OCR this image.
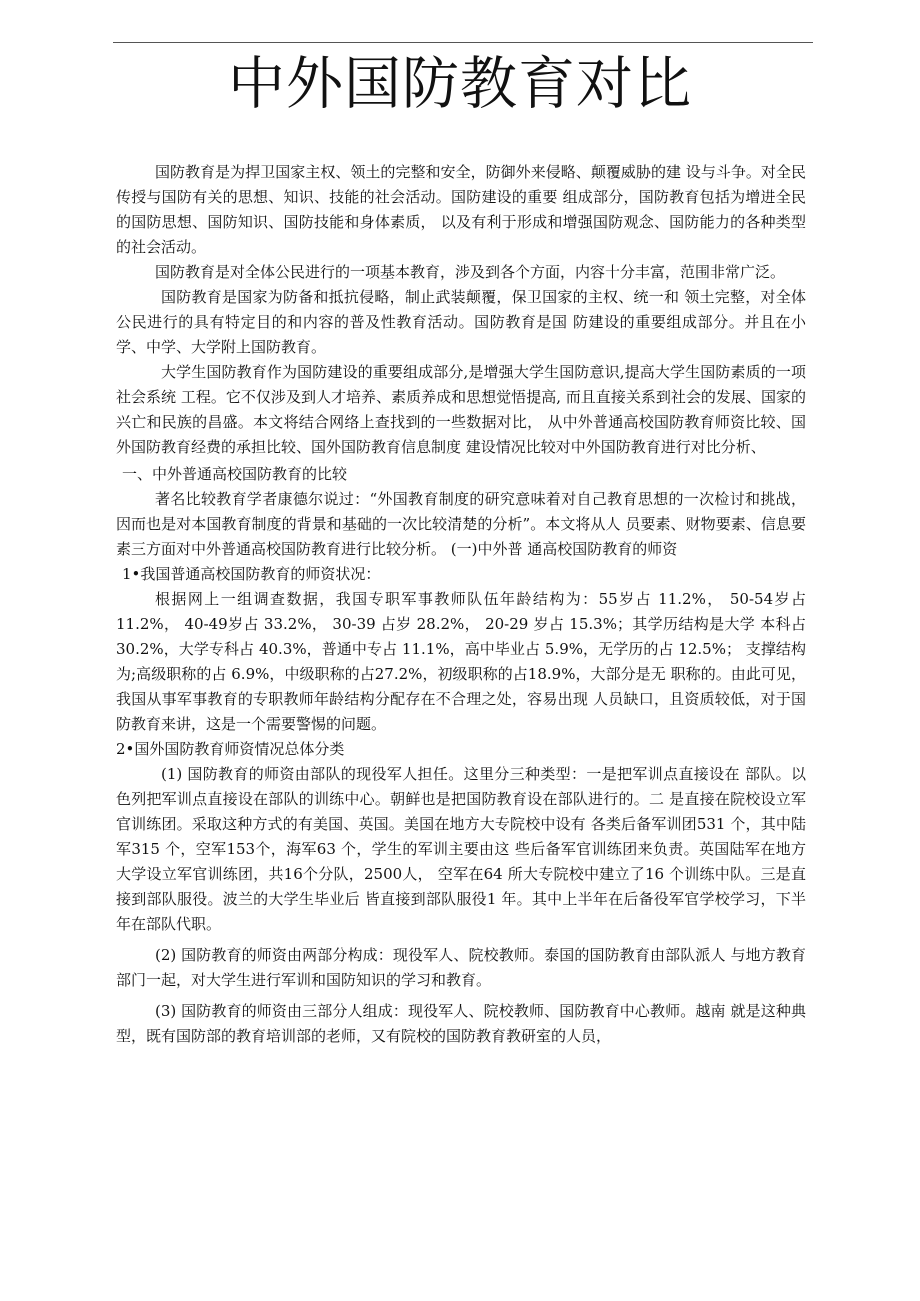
中外国防教育对比

国防教育是为捍卫国家主权、领土的完整和安全，防御外来侵略、颠覆威胁的建 设与斗争。对全民传授与国防有关的思想、知识、技能的社会活动。国防建设的重要 组成部分，国防教育包括为增进全民的国防思想、国防知识、国防技能和身体素质， 以及有利于形成和增强国防观念、国防能力的各种类型的社会活动。

国防教育是对全体公民进行的一项基本教育，涉及到各个方面，内容十分丰富，范围非常广泛。

国防教育是国家为防备和抵抗侵略，制止武装颠覆，保卫国家的主权、统一和 领土完整，对全体公民进行的具有特定目的和内容的普及性教育活动。国防教育是国 防建设的重要组成部分。并且在小学、中学、大学附上国防教育。

大学生国防教育作为国防建设的重要组成部分,是增强大学生国防意识,提高大学生国防素质的一项社会系统 工程。它不仅涉及到人才培养、素质养成和思想觉悟提高, 而且直接关系到社会的发展、国家的兴亡和民族的昌盛。本文将结合网络上查找到的一些数据对比， 从中外普通高校国防教育师资比较、国外国防教育经费的承担比较、国外国防教育信息制度 建设情况比较对中外国防教育进行对比分析、

一、中外普通高校国防教育的比较

著名比较教育学者康德尔说过：“外国教育制度的研究意味着对自己教育思想的一次检讨和挑战，因而也是对本国教育制度的背景和基础的一次比较清楚的分析”。本文将从人 员要素、财物要素、信息要素三方面对中外普通高校国防教育进行比较分析。 (一)中外普 通高校国防教育的师资

1•我国普通高校国防教育的师资状况：

根据网上一组调查数据，我国专职军事教师队伍年龄结构为：55岁占 11.2%， 50-54岁占 11.2%， 40-49岁占 33.2%， 30-39 占岁 28.2%， 20-29 岁占 15.3%；其学历结构是大学 本科占 30.2%，大学专科占 40.3%，普通中专占 11.1%，高中毕业占 5.9%，无学历的占 12.5%； 支撑结构为;高级职称的占 6.9%，中级职称的占27.2%，初级职称的占18.9%，大部分是无 职称的。由此可见，我国从事军事教育的专职教师年龄结构分配存在不合理之处，容易出现 人员缺口，且资质较低，对于国防教育来讲，这是一个需要警惕的问题。

2•国外国防教育师资情况总体分类

(1) 国防教育的师资由部队的现役军人担任。这里分三种类型：一是把军训点直接设在 部队。以色列把军训点直接设在部队的训练中心。朝鲜也是把国防教育设在部队进行的。二 是直接在院校设立军官训练团。采取这种方式的有美国、英国。美国在地方大专院校中设有 各类后备军训团531 个，其中陆军315 个，空军153个，海军63 个，学生的军训主要由这 些后备军官训练团来负责。英国陆军在地方大学设立军官训练团，共16个分队，2500人， 空军在64 所大专院校中建立了16 个训练中队。三是直接到部队服役。波兰的大学生毕业后 皆直接到部队服役1 年。其中上半年在后备役军官学校学习，下半年在部队代职。

(2) 国防教育的师资由两部分构成：现役军人、院校教师。泰国的国防教育由部队派人 与地方教育部门一起，对大学生进行军训和国防知识的学习和教育。

(3) 国防教育的师资由三部分人组成：现役军人、院校教师、国防教育中心教师。越南 就是这种典型，既有国防部的教育培训部的老师，又有院校的国防教育教研室的人员，
